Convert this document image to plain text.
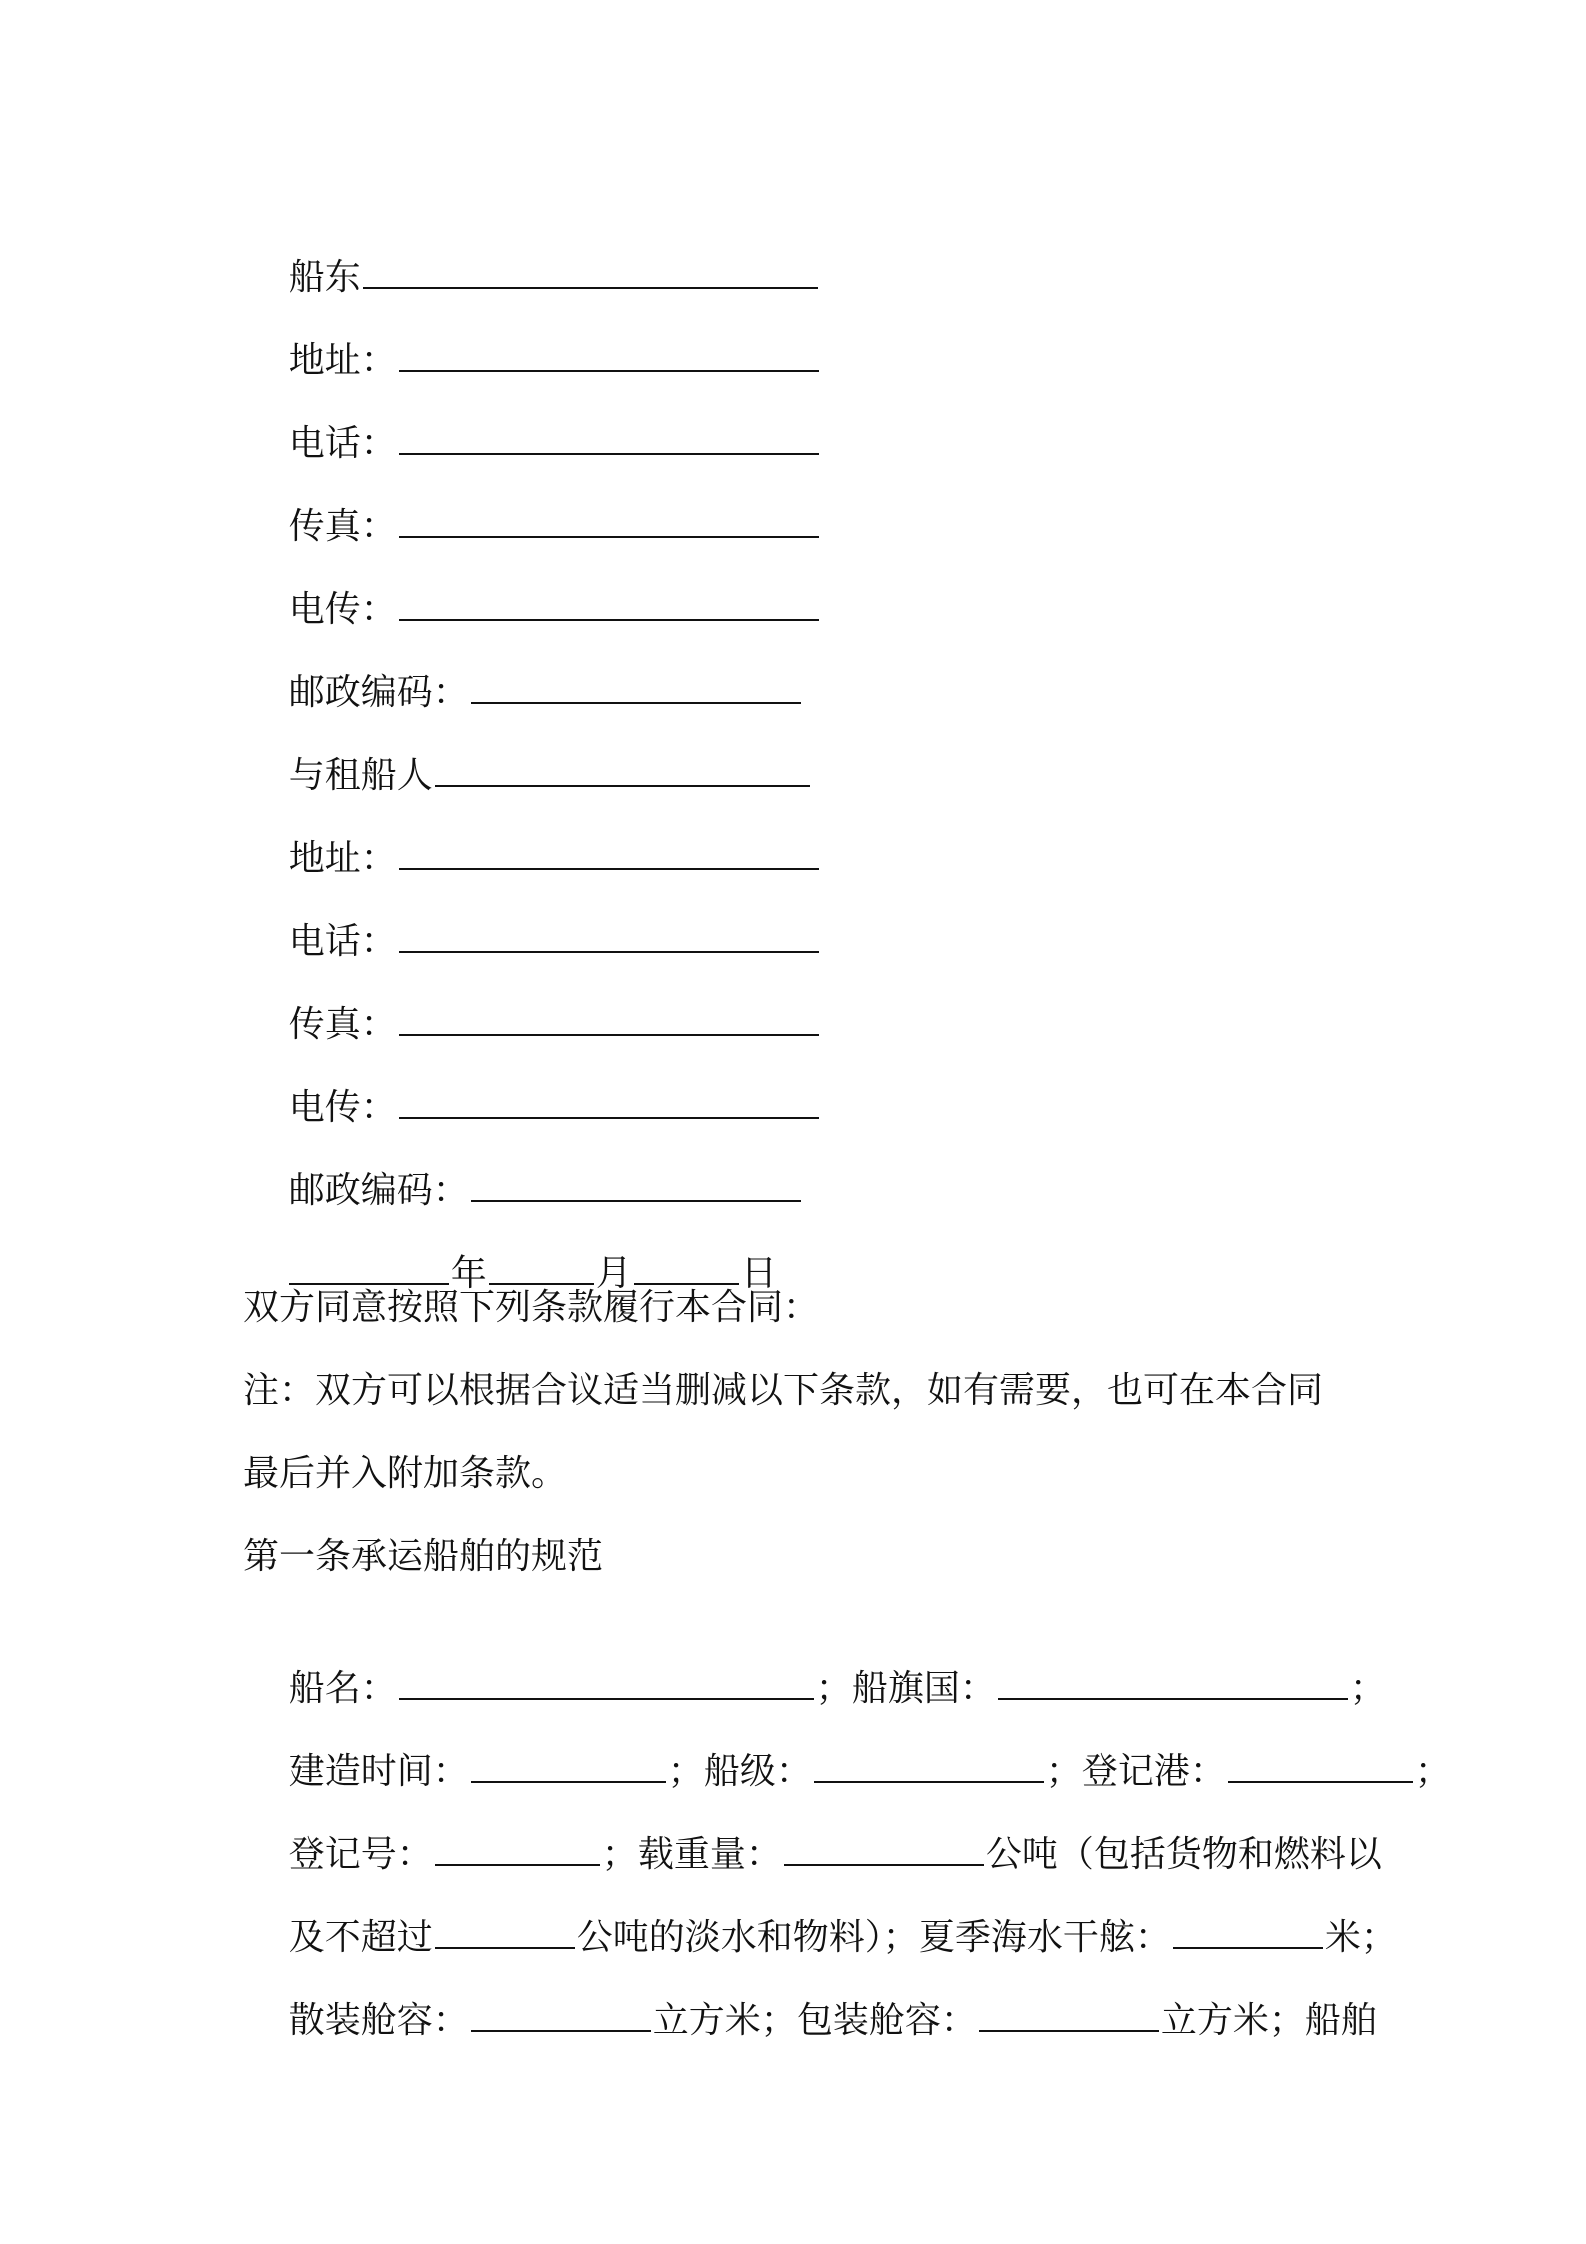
船东

地址：

电话：

传真：

电传：

邮政编码：

与租船人

地址：

电话：

传真：

电传：

邮政编码：

年	月	日

双方同意按照下列条款履行本合同：
注：双方可以根据合议适当删减以下条款，如有需要，也可在本合同
最后并入附加条款。
第一条承运船舶的规范

船名：	；船旗国：	；

建造时间：	；船级：	；登记港：	；

登记号：	；载重量：	公吨（包括货物和燃料以

及不超过	公吨的淡水和物料）；夏季海水干舷：	米；

散装舱容：	立方米；包装舱容：	立方米；船舶
